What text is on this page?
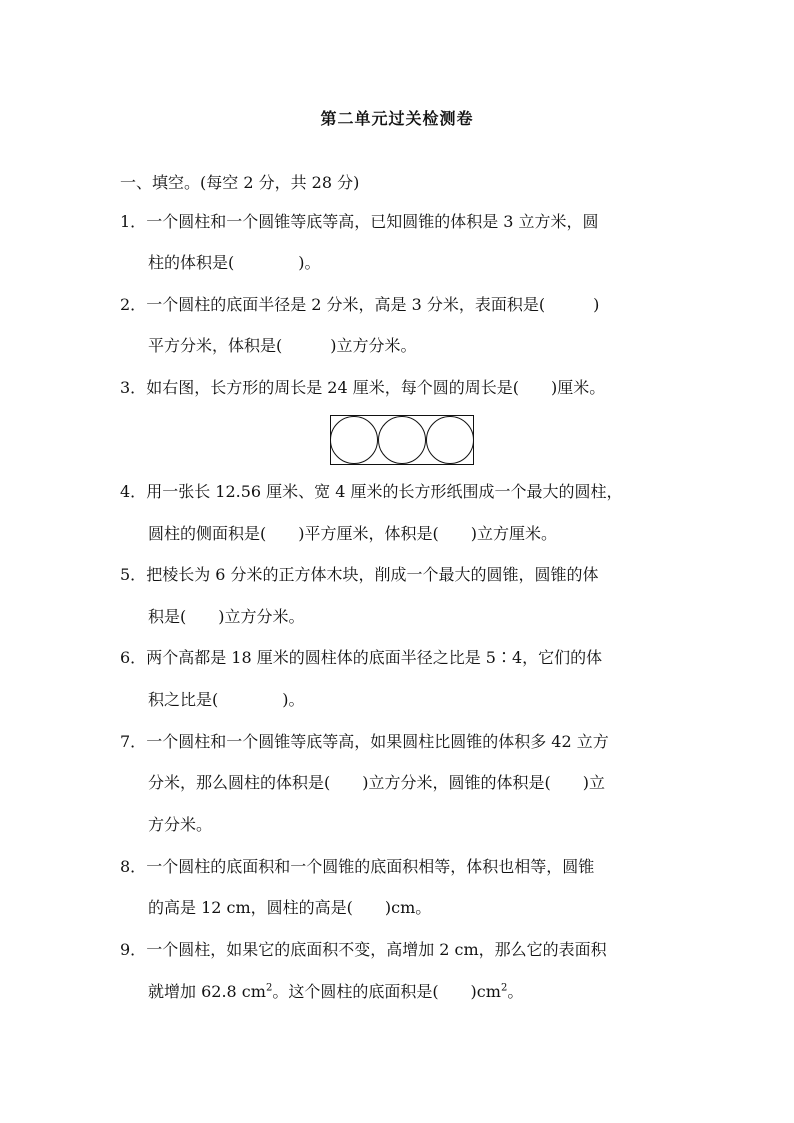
第二单元过关检测卷
一、填空。(每空 2 分，共 28 分)
1．一个圆柱和一个圆锥等底等高，已知圆锥的体积是 3 立方米，圆
柱的体积是(　　　　)。
2．一个圆柱的底面半径是 2 分米，高是 3 分米，表面积是(　　　)
平方分米，体积是(　　　)立方分米。
3．如右图，长方形的周长是 24 厘米，每个圆的周长是(　　)厘米。
4．用一张长 12.56 厘米、宽 4 厘米的长方形纸围成一个最大的圆柱，
圆柱的侧面积是(　　)平方厘米，体积是(　　)立方厘米。
5．把棱长为 6 分米的正方体木块，削成一个最大的圆锥，圆锥的体
积是(　　)立方分米。
6．两个高都是 18 厘米的圆柱体的底面半径之比是 5∶4，它们的体
积之比是(　　　　)。
7．一个圆柱和一个圆锥等底等高，如果圆柱比圆锥的体积多 42 立方
分米，那么圆柱的体积是(　　)立方分米，圆锥的体积是(　　)立
方分米。
8．一个圆柱的底面积和一个圆锥的底面积相等，体积也相等，圆锥
的高是 12 cm，圆柱的高是(　　)cm。
9．一个圆柱，如果它的底面积不变，高增加 2 cm，那么它的表面积
就增加 62.8 $cm^2$。这个圆柱的底面积是(　　)$cm^2$。
